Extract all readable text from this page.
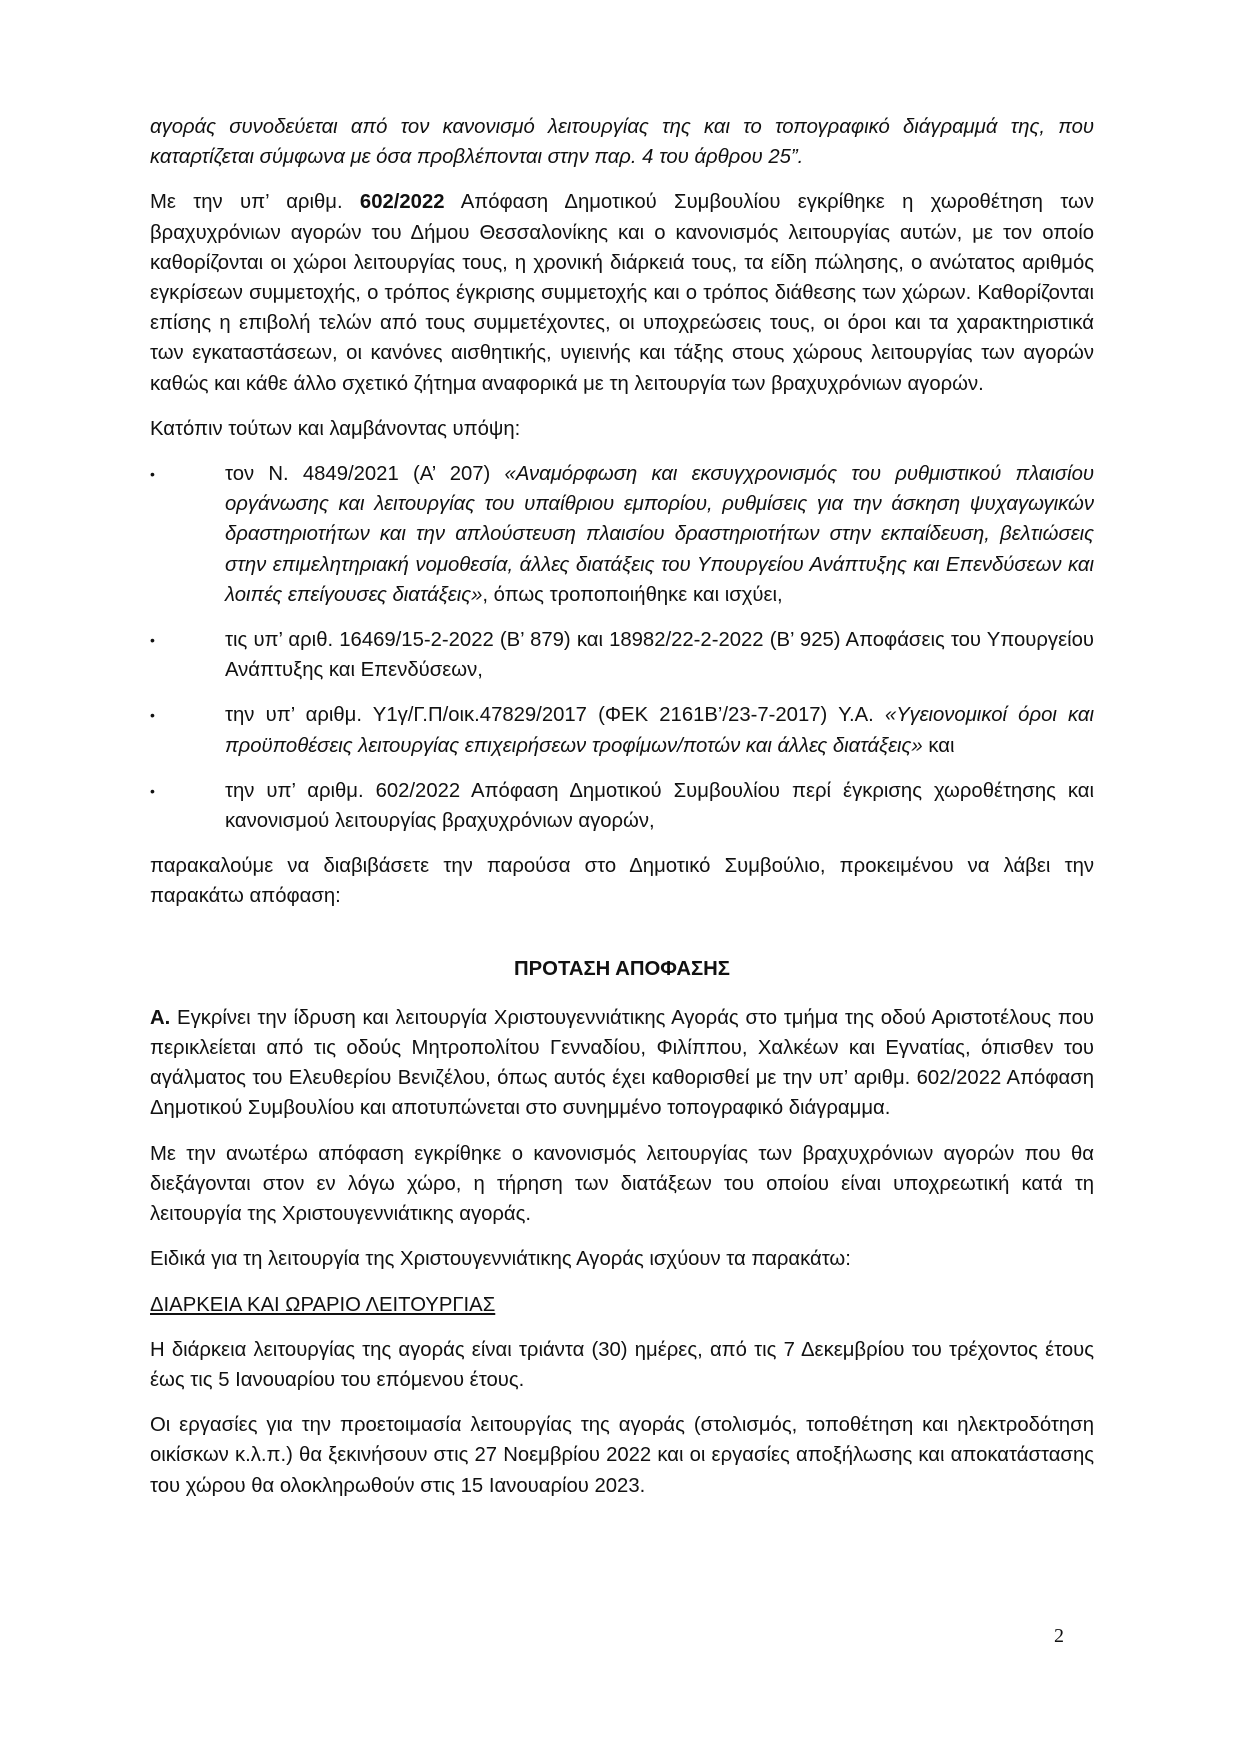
αγοράς συνοδεύεται από τον κανονισμό λειτουργίας της και το τοπογραφικό διάγραμμά της, που καταρτίζεται σύμφωνα με όσα προβλέπονται στην παρ. 4 του άρθρου 25”.

Με την υπ’ αριθμ. 602/2022 Απόφαση Δημοτικού Συμβουλίου εγκρίθηκε η χωροθέτηση των βραχυχρόνιων αγορών του Δήμου Θεσσαλονίκης και ο κανονισμός λειτουργίας αυτών, με τον οποίο καθορίζονται οι χώροι λειτουργίας τους, η χρονική διάρκειά τους, τα είδη πώλησης, ο ανώτατος αριθμός εγκρίσεων συμμετοχής, ο τρόπος έγκρισης συμμετοχής και ο τρόπος διάθεσης των χώρων. Καθορίζονται επίσης η επιβολή τελών από τους συμμετέχοντες, οι υποχρεώσεις τους, οι όροι και τα χαρακτηριστικά των εγκαταστάσεων, οι κανόνες αισθητικής, υγιεινής και τάξης στους χώρους λειτουργίας των αγορών καθώς και κάθε άλλο σχετικό ζήτημα αναφορικά με τη λειτουργία των βραχυχρόνιων αγορών.

Κατόπιν τούτων και λαμβάνοντας υπόψη:

•	τον Ν. 4849/2021 (Α’ 207) «Αναμόρφωση και εκσυγχρονισμός του ρυθμιστικού πλαισίου οργάνωσης και λειτουργίας του υπαίθριου εμπορίου, ρυθμίσεις για την άσκηση ψυχαγωγικών δραστηριοτήτων και την απλούστευση πλαισίου δραστηριοτήτων στην εκπαίδευση, βελτιώσεις στην επιμελητηριακή νομοθεσία, άλλες διατάξεις του Υπουργείου Ανάπτυξης και Επενδύσεων και λοιπές επείγουσες διατάξεις», όπως τροποποιήθηκε και ισχύει,
•	τις υπ’ αριθ. 16469/15-2-2022 (Β’ 879) και 18982/22-2-2022 (Β’ 925) Αποφάσεις του Υπουργείου Ανάπτυξης και Επενδύσεων,
•	την υπ’ αριθμ. Υ1γ/Γ.Π/οικ.47829/2017 (ΦΕΚ 2161Β’/23-7-2017) Υ.Α. «Υγειονομικοί όροι και προϋποθέσεις λειτουργίας επιχειρήσεων τροφίμων/ποτών και άλλες διατάξεις» και
•	την υπ’ αριθμ. 602/2022 Απόφαση Δημοτικού Συμβουλίου περί έγκρισης χωροθέτησης και κανονισμού λειτουργίας βραχυχρόνιων αγορών,

παρακαλούμε να διαβιβάσετε την παρούσα στο Δημοτικό Συμβούλιο, προκειμένου να λάβει την παρακάτω απόφαση:

ΠΡΟΤΑΣΗ ΑΠΟΦΑΣΗΣ

Α. Εγκρίνει την ίδρυση και λειτουργία Χριστουγεννιάτικης Αγοράς στο τμήμα της οδού Αριστοτέλους που περικλείεται από τις οδούς Μητροπολίτου Γενναδίου, Φιλίππου, Χαλκέων και Εγνατίας, όπισθεν του αγάλματος του Ελευθερίου Βενιζέλου, όπως αυτός έχει καθορισθεί με την υπ’ αριθμ. 602/2022 Απόφαση Δημοτικού Συμβουλίου και αποτυπώνεται στο συνημμένο τοπογραφικό διάγραμμα.

Με την ανωτέρω απόφαση εγκρίθηκε ο κανονισμός λειτουργίας των βραχυχρόνιων αγορών που θα διεξάγονται στον εν λόγω χώρο, η τήρηση των διατάξεων του οποίου είναι υποχρεωτική κατά τη λειτουργία της Χριστουγεννιάτικης αγοράς.

Ειδικά για τη λειτουργία της Χριστουγεννιάτικης Αγοράς ισχύουν τα παρακάτω:

ΔΙΑΡΚΕΙΑ ΚΑΙ ΩΡΑΡΙΟ ΛΕΙΤΟΥΡΓΙΑΣ

Η διάρκεια λειτουργίας της αγοράς είναι τριάντα (30) ημέρες, από τις 7 Δεκεμβρίου του τρέχοντος έτους έως τις 5 Ιανουαρίου του επόμενου έτους.

Οι εργασίες για την προετοιμασία λειτουργίας της αγοράς (στολισμός, τοποθέτηση και ηλεκτροδότηση οικίσκων κ.λ.π.) θα ξεκινήσουν στις 27 Νοεμβρίου 2022 και οι εργασίες αποξήλωσης και αποκατάστασης του χώρου θα ολοκληρωθούν στις 15 Ιανουαρίου 2023.

2
